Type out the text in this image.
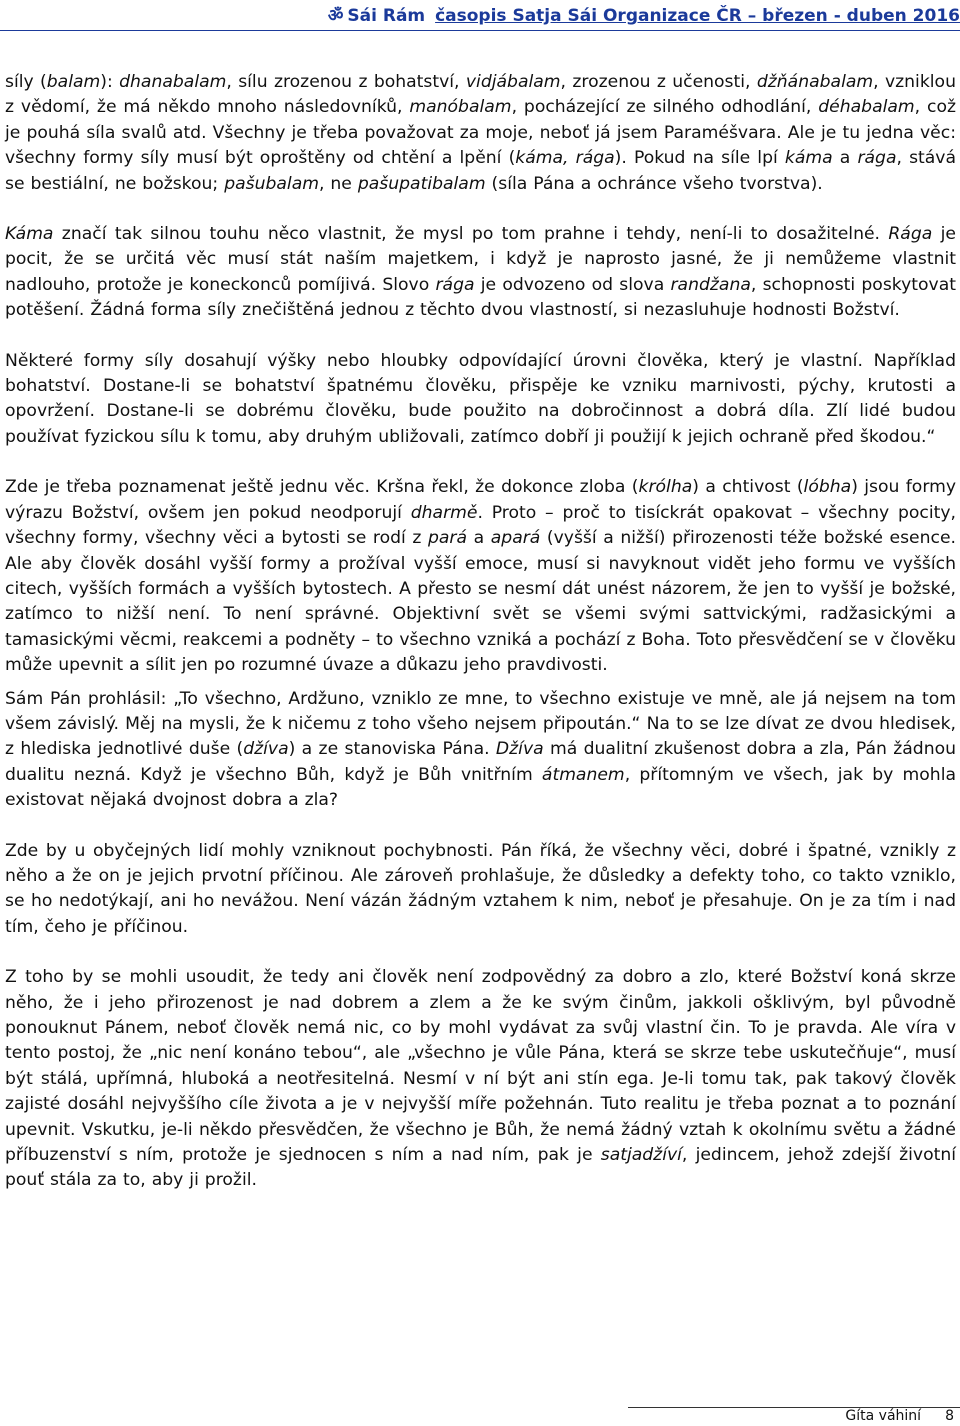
ॐ Sái Rám časopis Satja Sái Organizace ČR – březen - duben 2016

síly (balam): dhanabalam, sílu zrozenou z bohatství, vidjábalam, zrozenou z učenosti, džňánabalam, vzniklou z vědomí, že má někdo mnoho následovníků, manóbalam, pocházející ze silného odhodlání, déhabalam, což je pouhá síla svalů atd. Všechny je třeba považovat za moje, neboť já jsem Paraméšvara. Ale je tu jedna věc: všechny formy síly musí být oproštěny od chtění a lpění (káma, rága). Pokud na síle lpí káma a rága, stává se bestiální, ne božskou; pašubalam, ne pašupatibalam (síla Pána a ochránce všeho tvorstva).

Káma značí tak silnou touhu něco vlastnit, že mysl po tom prahne i tehdy, není-li to dosažitelné. Rága je pocit, že se určitá věc musí stát naším majetkem, i když je naprosto jasné, že ji nemůžeme vlastnit nadlouho, protože je koneckonců pomíjivá. Slovo rága je odvozeno od slova randžana, schopnosti poskytovat potěšení. Žádná forma síly znečištěná jednou z těchto dvou vlastností, si nezasluhuje hodnosti Božství.

Některé formy síly dosahují výšky nebo hloubky odpovídající úrovni člověka, který je vlastní. Například bohatství. Dostane-li se bohatství špatnému člověku, přispěje ke vzniku marnivosti, pýchy, krutosti a opovržení. Dostane-li se dobrému člověku, bude použito na dobročinnost a dobrá díla. Zlí lidé budou používat fyzickou sílu k tomu, aby druhým ubližovali, zatímco dobří ji použijí k jejich ochraně před škodou.“

Zde je třeba poznamenat ještě jednu věc. Kršna řekl, že dokonce zloba (królha) a chtivost (lóbha) jsou formy výrazu Božství, ovšem jen pokud neodporují dharmě. Proto – proč to tisíckrát opakovat – všechny pocity, všechny formy, všechny věci a bytosti se rodí z pará a apará (vyšší a nižší) přirozenosti téže božské esence. Ale aby člověk dosáhl vyšší formy a prožíval vyšší emoce, musí si navyknout vidět jeho formu ve vyšších citech, vyšších formách a vyšších bytostech. A přesto se nesmí dát unést názorem, že jen to vyšší je božské, zatímco to nižší není. To není správné. Objektivní svět se všemi svými sattvickými, radžasickými a tamasickými věcmi, reakcemi a podněty – to všechno vzniká a pochází z Boha. Toto přesvědčení se v člověku může upevnit a sílit jen po rozumné úvaze a důkazu jeho pravdivosti.

Sám Pán prohlásil: „To všechno, Ardžuno, vzniklo ze mne, to všechno existuje ve mně, ale já nejsem na tom všem závislý. Měj na mysli, že k ničemu z toho všeho nejsem připoután.“ Na to se lze dívat ze dvou hledisek, z hlediska jednotlivé duše (džíva) a ze stanoviska Pána. Džíva má dualitní zkušenost dobra a zla, Pán žádnou dualitu nezná. Když je všechno Bůh, když je Bůh vnitřním átmanem, přítomným ve všech, jak by mohla existovat nějaká dvojnost dobra a zla?

Zde by u obyčejných lidí mohly vzniknout pochybnosti. Pán říká, že všechny věci, dobré i špatné, vznikly z něho a že on je jejich prvotní příčinou. Ale zároveň prohlašuje, že důsledky a defekty toho, co takto vzniklo, se ho nedotýkají, ani ho nevážou. Není vázán žádným vztahem k nim, neboť je přesahuje. On je za tím i nad tím, čeho je příčinou.

Z toho by se mohli usoudit, že tedy ani člověk není zodpovědný za dobro a zlo, které Božství koná skrze něho, že i jeho přirozenost je nad dobrem a zlem a že ke svým činům, jakkoli ošklivým, byl původně ponouknut Pánem, neboť člověk nemá nic, co by mohl vydávat za svůj vlastní čin. To je pravda. Ale víra v tento postoj, že „nic není konáno tebou“, ale „všechno je vůle Pána, která se skrze tebe uskutečňuje“, musí být stálá, upřímná, hluboká a neotřesitelná. Nesmí v ní být ani stín ega. Je-li tomu tak, pak takový člověk zajisté dosáhl nejvyššího cíle života a je v nejvyšší míře požehnán. Tuto realitu je třeba poznat a to poznání upevnit. Vskutku, je-li někdo přesvědčen, že všechno je Bůh, že nemá žádný vztah k okolnímu světu a žádné příbuzenství s ním, protože je sjednocen s ním a nad ním, pak je satjadžíví, jedincem, jehož zdejší životní pouť stála za to, aby ji prožil.

Gíta váhiní 8
